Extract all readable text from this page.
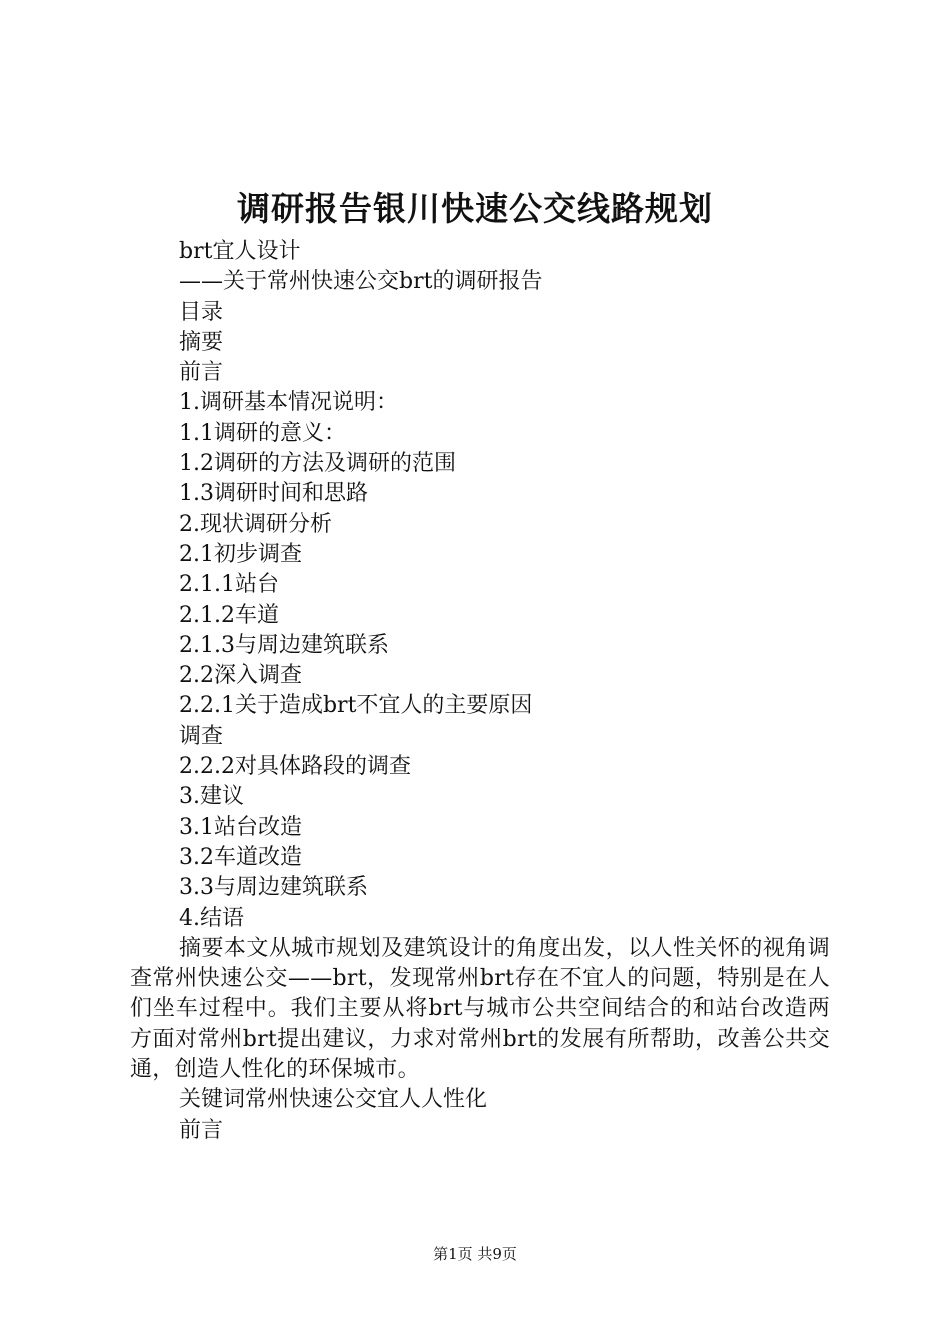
调研报告银川快速公交线路规划

brt宜人设计

——关于常州快速公交brt的调研报告

目录

摘要

前言

1.调研基本情况说明：

1.1调研的意义：

1.2调研的方法及调研的范围

1.3调研时间和思路

2.现状调研分析

2.1初步调查

2.1.1站台

2.1.2车道

2.1.3与周边建筑联系

2.2深入调查

2.2.1关于造成brt不宜人的主要原因

调查

2.2.2对具体路段的调查

3.建议

3.1站台改造

3.2车道改造

3.3与周边建筑联系

4.结语

摘要本文从城市规划及建筑设计的角度出发，以人性关怀的视角调查常州快速公交——brt，发现常州brt存在不宜人的问题，特别是在人们坐车过程中。我们主要从将brt与城市公共空间结合的和站台改造两方面对常州brt提出建议，力求对常州brt的发展有所帮助，改善公共交通，创造人性化的环保城市。

关键词常州快速公交宜人人性化

前言

第1页 共9页
